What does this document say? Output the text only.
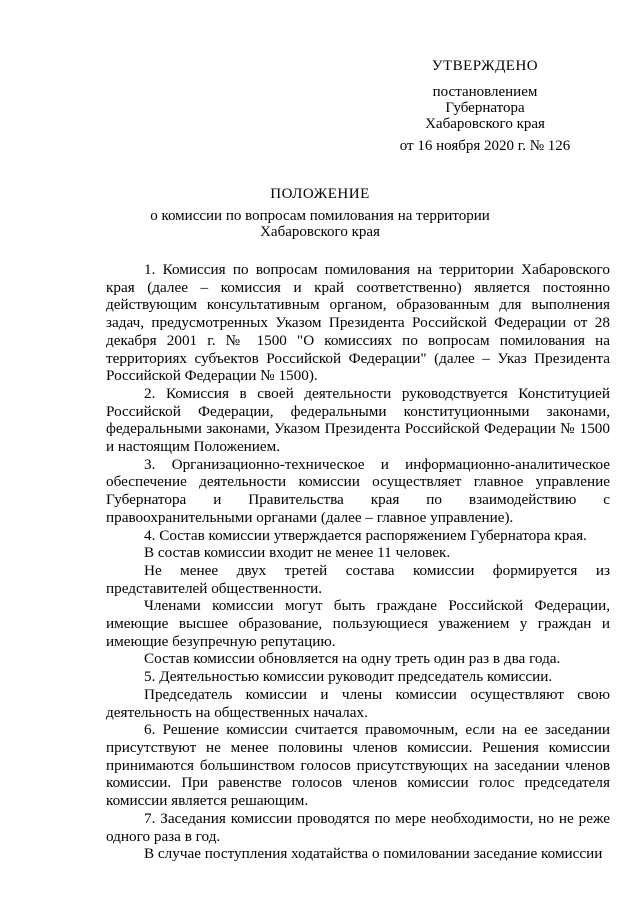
УТВЕРЖДЕНО
постановлением
Губернатора
Хабаровского края
от 16 ноября 2020 г. № 126
ПОЛОЖЕНИЕ
о комиссии по вопросам помилования на территории
Хабаровского края

1. Комиссия по вопросам помилования на территории Хабаровского края (далее – комиссия и край соответственно) является постоянно действующим консультативным органом, образованным для выполнения задач, предусмотренных Указом Президента Российской Федерации от 28 декабря 2001 г. № 1500 "О комиссиях по вопросам помилования на территориях субъектов Российской Федерации" (далее – Указ Президента Российской Федерации № 1500).

2. Комиссия в своей деятельности руководствуется Конституцией Российской Федерации, федеральными конституционными законами, федеральными законами, Указом Президента Российской Федерации № 1500 и настоящим Положением.

3. Организационно-техническое и информационно-аналитическое обеспечение деятельности комиссии осуществляет главное управление Губернатора и Правительства края по взаимодействию с правоохранительными органами (далее – главное управление).

4. Состав комиссии утверждается распоряжением Губернатора края.

В состав комиссии входит не менее 11 человек.

Не менее двух третей состава комиссии формируется из представителей общественности.

Членами комиссии могут быть граждане Российской Федерации, имеющие высшее образование, пользующиеся уважением у граждан и имеющие безупречную репутацию.

Состав комиссии обновляется на одну треть один раз в два года.

5. Деятельностью комиссии руководит председатель комиссии.

Председатель комиссии и члены комиссии осуществляют свою деятельность на общественных началах.

6. Решение комиссии считается правомочным, если на ее заседании присутствуют не менее половины членов комиссии. Решения комиссии принимаются большинством голосов присутствующих на заседании членов комиссии. При равенстве голосов членов комиссии голос председателя комиссии является решающим.

7. Заседания комиссии проводятся по мере необходимости, но не реже одного раза в год.

В случае поступления ходатайства о помиловании заседание комиссии
